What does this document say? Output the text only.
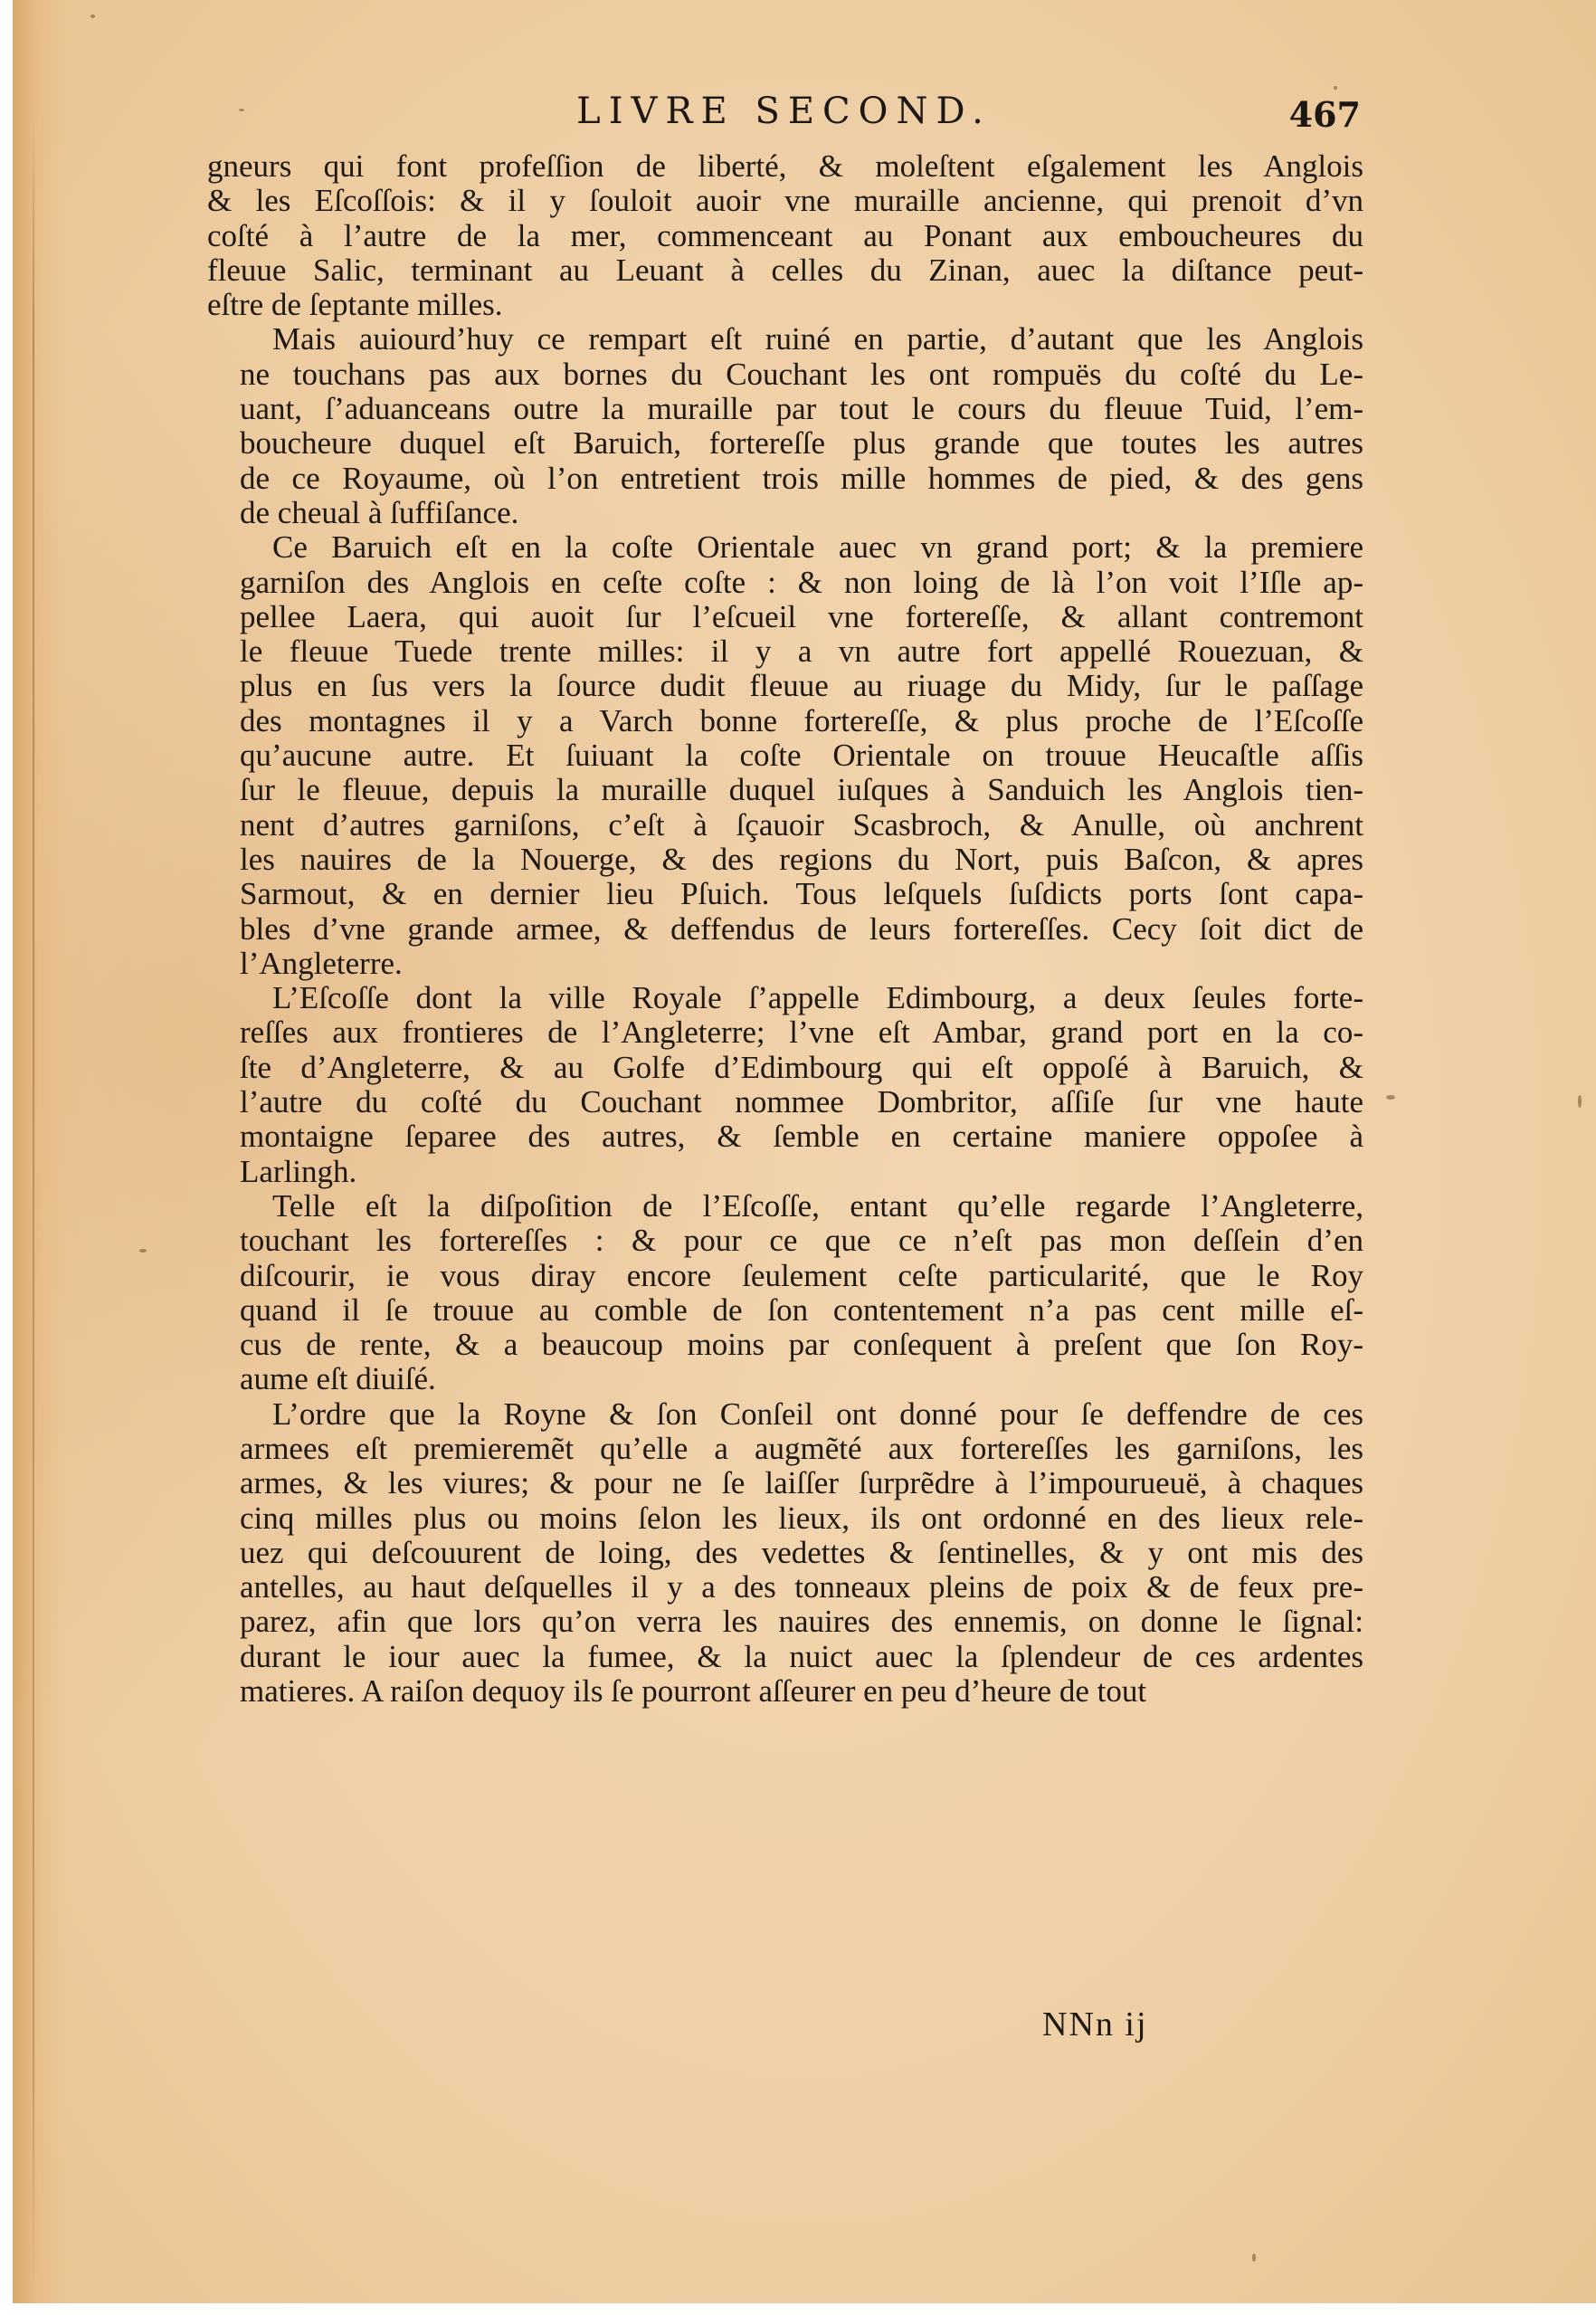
LIVRE SECOND.	467

gneurs qui font profeſſion de liberté, & moleſtent eſgalement les Anglois
& les Eſcoſſois: & il y ſouloit auoir vne muraille ancienne, qui prenoit d’vn
coſté à l’autre de la mer, commenceant au Ponant aux emboucheures du
fleuue Salic, terminant au Leuant à celles du Zinan, auec la diſtance peut-
eſtre de ſeptante milles.

Mais auiourd’huy ce rempart eſt ruiné en partie, d’autant que les Anglois
ne touchans pas aux bornes du Couchant les ont rompuës du coſté du Le-
uant, ſ’aduanceans outre la muraille par tout le cours du fleuue Tuid, l’em-
boucheure duquel eſt Baruich, fortereſſe plus grande que toutes les autres
de ce Royaume, où l’on entretient trois mille hommes de pied, & des gens
de cheual à ſuffiſance.

Ce Baruich eſt en la coſte Orientale auec vn grand port; & la premiere
garniſon des Anglois en ceſte coſte : & non loing de là l’on voit l’Iſle ap-
pellee Laera, qui auoit ſur l’eſcueil vne fortereſſe, & allant contremont
le fleuue Tuede trente milles: il y a vn autre fort appellé Rouezuan, &
plus en ſus vers la ſource dudit fleuue au riuage du Midy, ſur le paſſage
des montagnes il y a Varch bonne fortereſſe, & plus proche de l’Eſcoſſe
qu’aucune autre. Et ſuiuant la coſte Orientale on trouue Heucaſtle aſſis
ſur le fleuue, depuis la muraille duquel iuſques à Sanduich les Anglois tien-
nent d’autres garniſons, c’eſt à ſçauoir Scasbroch, & Anulle, où anchrent
les nauires de la Nouerge, & des regions du Nort, puis Baſcon, & apres
Sarmout, & en dernier lieu Pſuich. Tous leſquels ſuſdicts ports ſont capa-
bles d’vne grande armee, & deffendus de leurs fortereſſes. Cecy ſoit dict de
l’Angleterre.

L’Eſcoſſe dont la ville Royale ſ’appelle Edimbourg, a deux ſeules forte-
reſſes aux frontieres de l’Angleterre; l’vne eſt Ambar, grand port en la co-
ſte d’Angleterre, & au Golfe d’Edimbourg qui eſt oppoſé à Baruich, &
l’autre du coſté du Couchant nommee Dombritor, aſſiſe ſur vne haute
montaigne ſeparee des autres, & ſemble en certaine maniere oppoſee à
Larlingh.

Telle eſt la diſpoſition de l’Eſcoſſe, entant qu’elle regarde l’Angleterre,
touchant les fortereſſes : & pour ce que ce n’eſt pas mon deſſein d’en
diſcourir, ie vous diray encore ſeulement ceſte particularité, que le Roy
quand il ſe trouue au comble de ſon contentement n’a pas cent mille eſ-
cus de rente, & a beaucoup moins par conſequent à preſent que ſon Roy-
aume eſt diuiſé.

L’ordre que la Royne & ſon Conſeil ont donné pour ſe deffendre de ces
armees eſt premieremẽt qu’elle a augmẽté aux fortereſſes les garniſons, les
armes, & les viures; & pour ne ſe laiſſer ſurprẽdre à l’impourueuë, à chaques
cinq milles plus ou moins ſelon les lieux, ils ont ordonné en des lieux rele-
uez qui deſcouurent de loing, des vedettes & ſentinelles, & y ont mis des
antelles, au haut deſquelles il y a des tonneaux pleins de poix & de feux pre-
parez, afin que lors qu’on verra les nauires des ennemis, on donne le ſignal:
durant le iour auec la fumee, & la nuict auec la ſplendeur de ces ardentes
matieres. A raiſon dequoy ils ſe pourront aſſeurer en peu d’heure de tout

NNn ij
